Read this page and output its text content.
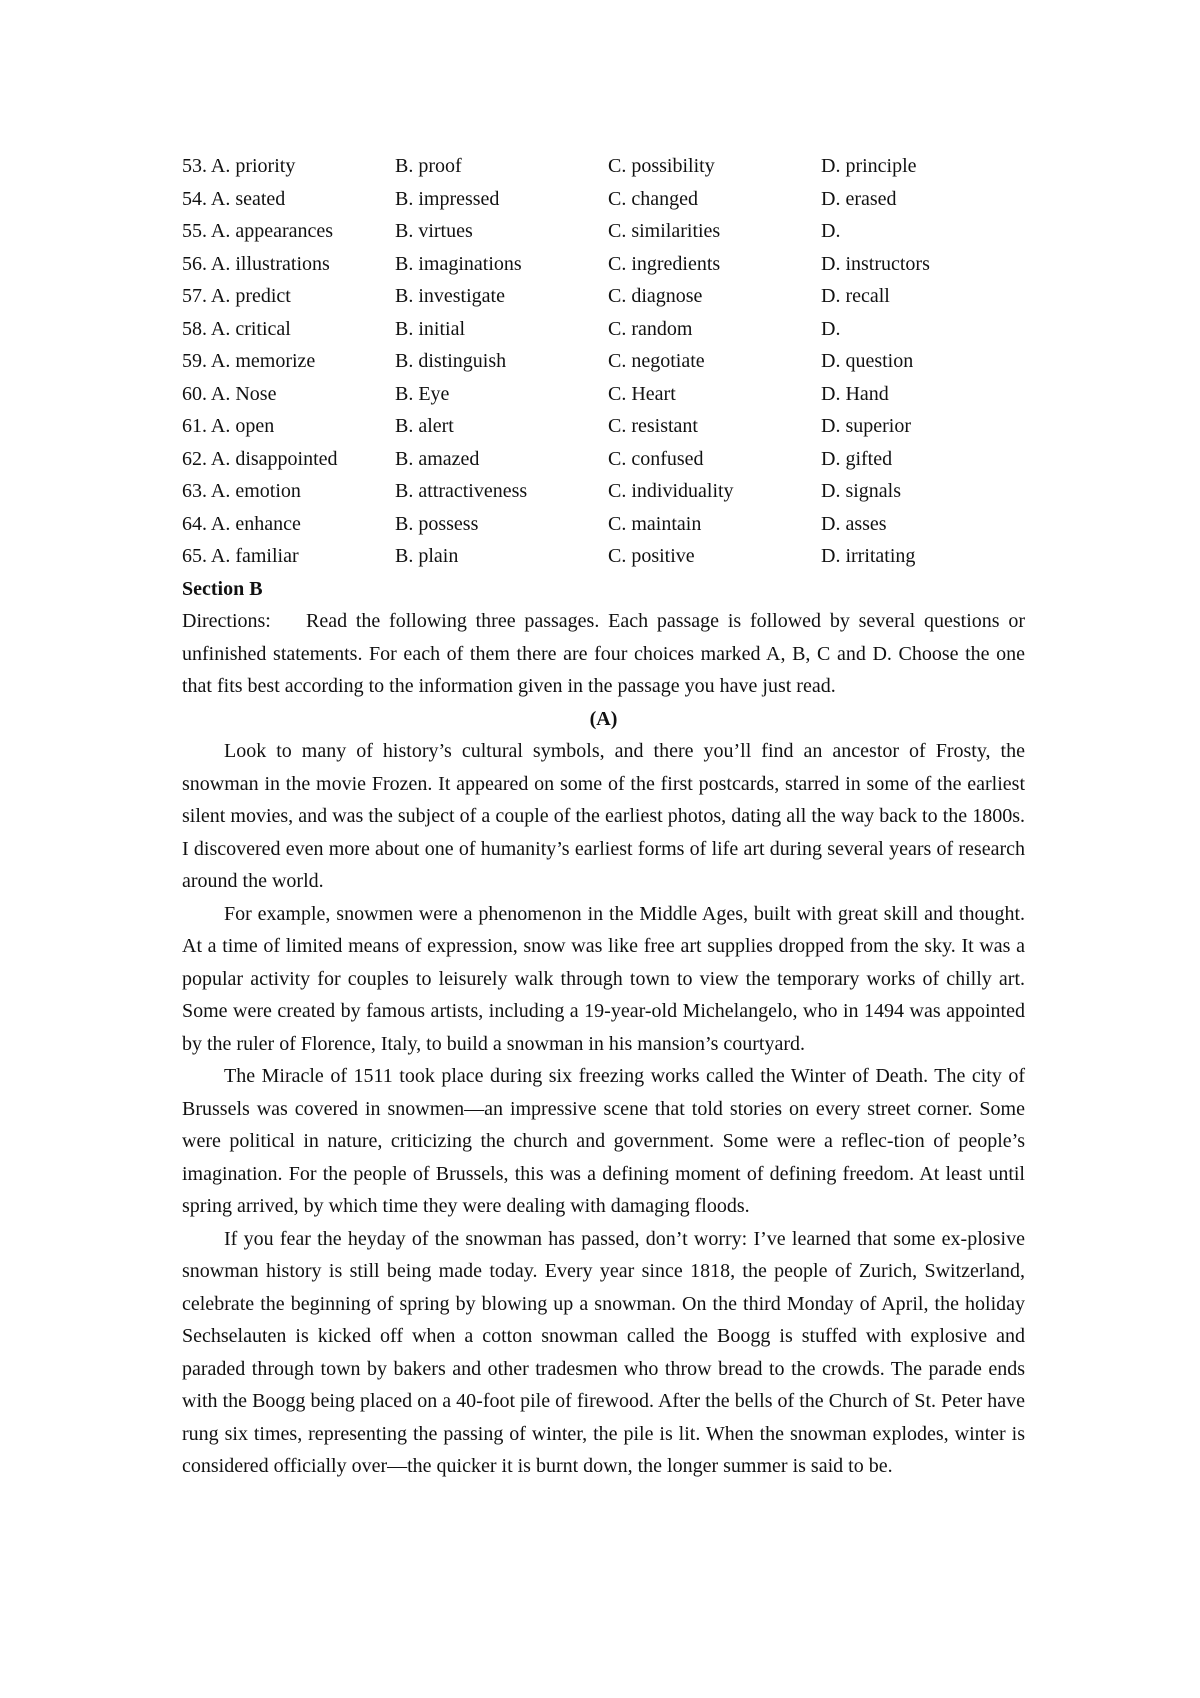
53. A. priority	B. proof	C. possibility	D. principle
54. A. seated	B. impressed	C. changed	D. erased
55. A. appearances	B. virtues	C. similarities	D.
56. A. illustrations	B. imaginations	C. ingredients	D. instructors
57. A. predict	B. investigate	C. diagnose	D. recall
58. A. critical	B. initial	C. random	D.
59. A. memorize	B. distinguish	C. negotiate	D. question
60. A. Nose	B. Eye	C. Heart	D. Hand
61. A. open	B. alert	C. resistant	D. superior
62. A. disappointed	B. amazed	C. confused	D. gifted
63. A. emotion	B. attractiveness	C. individuality	D. signals
64. A. enhance	B. possess	C. maintain	D. asses
65. A. familiar	B. plain	C. positive	D. irritating
Section B
Directions:    Read the following three passages. Each passage is followed by several questions or unfinished statements. For each of them there are four choices marked A, B, C and D. Choose the one that fits best according to the information given in the passage you have just read.
(A)

Look to many of history’s cultural symbols, and there you’ll find an ancestor of Frosty, the snowman in the movie Frozen. It appeared on some of the first postcards, starred in some of the earliest silent movies, and was the subject of a couple of the earliest photos, dating all the way back to the 1800s. I discovered even more about one of humanity’s earliest forms of life art during several years of research around the world.

For example, snowmen were a phenomenon in the Middle Ages, built with great skill and thought. At a time of limited means of expression, snow was like free art supplies dropped from the sky. It was a popular activity for couples to leisurely walk through town to view the temporary works of chilly art. Some were created by famous artists, including a 19-year-old Michelangelo, who in 1494 was appointed by the ruler of Florence, Italy, to build a snowman in his mansion’s courtyard.

The Miracle of 1511 took place during six freezing works called the Winter of Death. The city of Brussels was covered in snowmen—an impressive scene that told stories on every street corner. Some were political in nature, criticizing the church and government. Some were a reflec-tion of people’s imagination. For the people of Brussels, this was a defining moment of defining freedom. At least until spring arrived, by which time they were dealing with damaging floods.

If you fear the heyday of the snowman has passed, don’t worry: I’ve learned that some ex-plosive snowman history is still being made today. Every year since 1818, the people of Zurich, Switzerland, celebrate the beginning of spring by blowing up a snowman. On the third Monday of April, the holiday Sechselauten is kicked off when a cotton snowman called the Boogg is stuffed with explosive and paraded through town by bakers and other tradesmen who throw bread to the crowds. The parade ends with the Boogg being placed on a 40-foot pile of firewood. After the bells of the Church of St. Peter have rung six times, representing the passing of winter, the pile is lit. When the snowman explodes, winter is considered officially over—the quicker it is burnt down, the longer summer is said to be.
